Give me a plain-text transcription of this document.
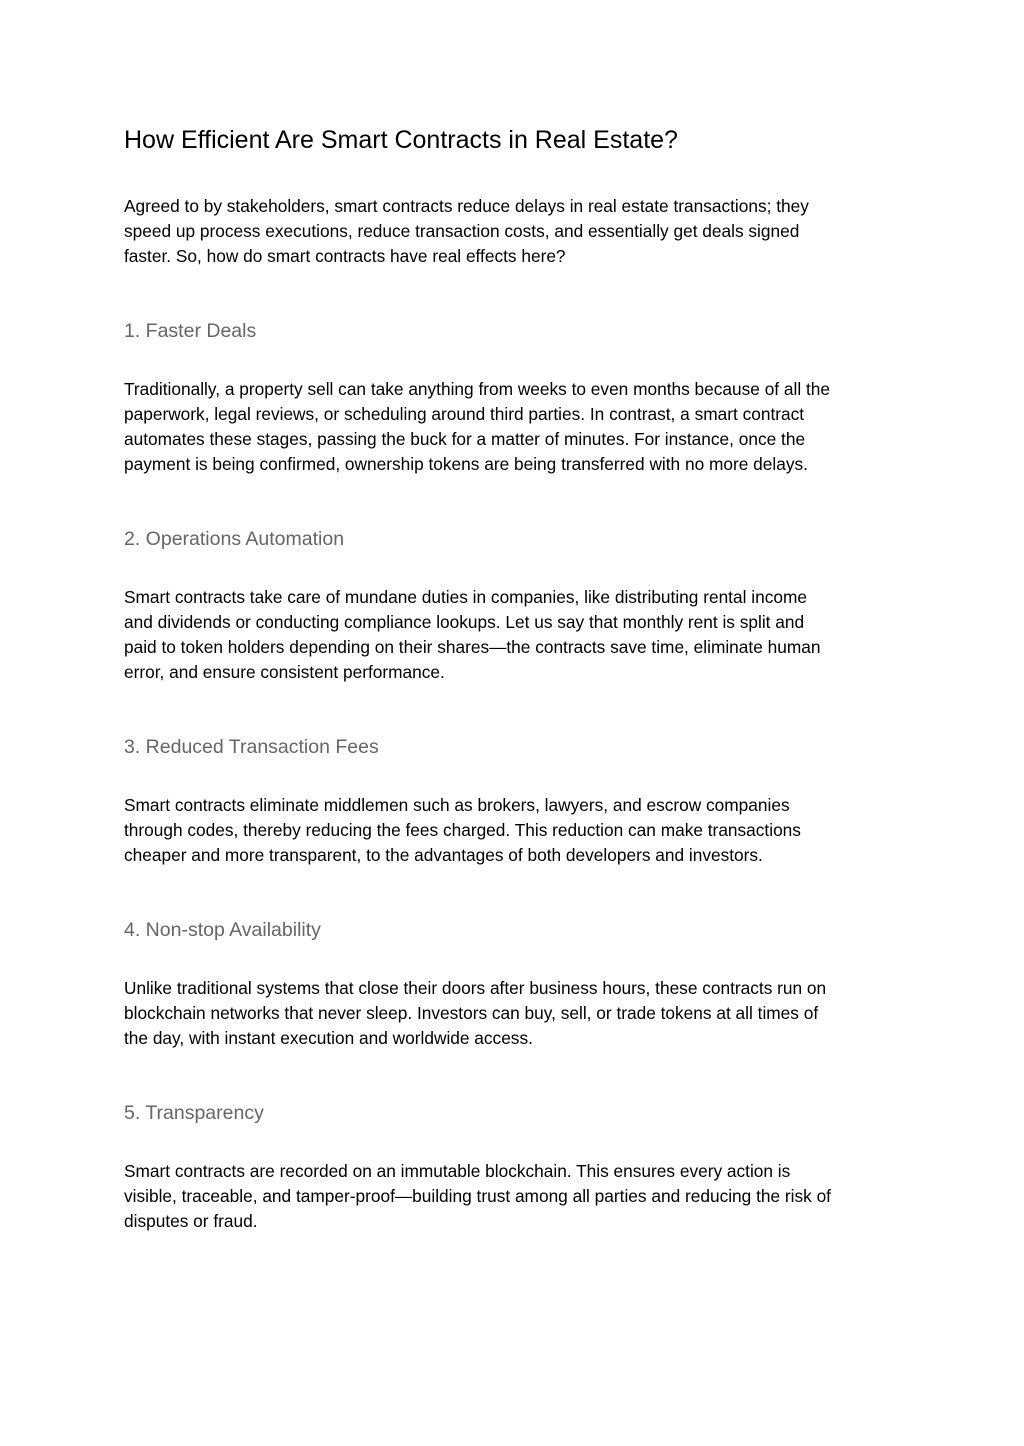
How Efficient Are Smart Contracts in Real Estate?

Agreed to by stakeholders, smart contracts reduce delays in real estate transactions; they
speed up process executions, reduce transaction costs, and essentially get deals signed
faster. So, how do smart contracts have real effects here?

1. Faster Deals

Traditionally, a property sell can take anything from weeks to even months because of all the
paperwork, legal reviews, or scheduling around third parties. In contrast, a smart contract
automates these stages, passing the buck for a matter of minutes. For instance, once the
payment is being confirmed, ownership tokens are being transferred with no more delays.

2. Operations Automation

Smart contracts take care of mundane duties in companies, like distributing rental income
and dividends or conducting compliance lookups. Let us say that monthly rent is split and
paid to token holders depending on their shares—the contracts save time, eliminate human
error, and ensure consistent performance.

3. Reduced Transaction Fees

Smart contracts eliminate middlemen such as brokers, lawyers, and escrow companies
through codes, thereby reducing the fees charged. This reduction can make transactions
cheaper and more transparent, to the advantages of both developers and investors.

4. Non-stop Availability

Unlike traditional systems that close their doors after business hours, these contracts run on
blockchain networks that never sleep. Investors can buy, sell, or trade tokens at all times of
the day, with instant execution and worldwide access.

5. Transparency

Smart contracts are recorded on an immutable blockchain. This ensures every action is
visible, traceable, and tamper-proof—building trust among all parties and reducing the risk of
disputes or fraud.
